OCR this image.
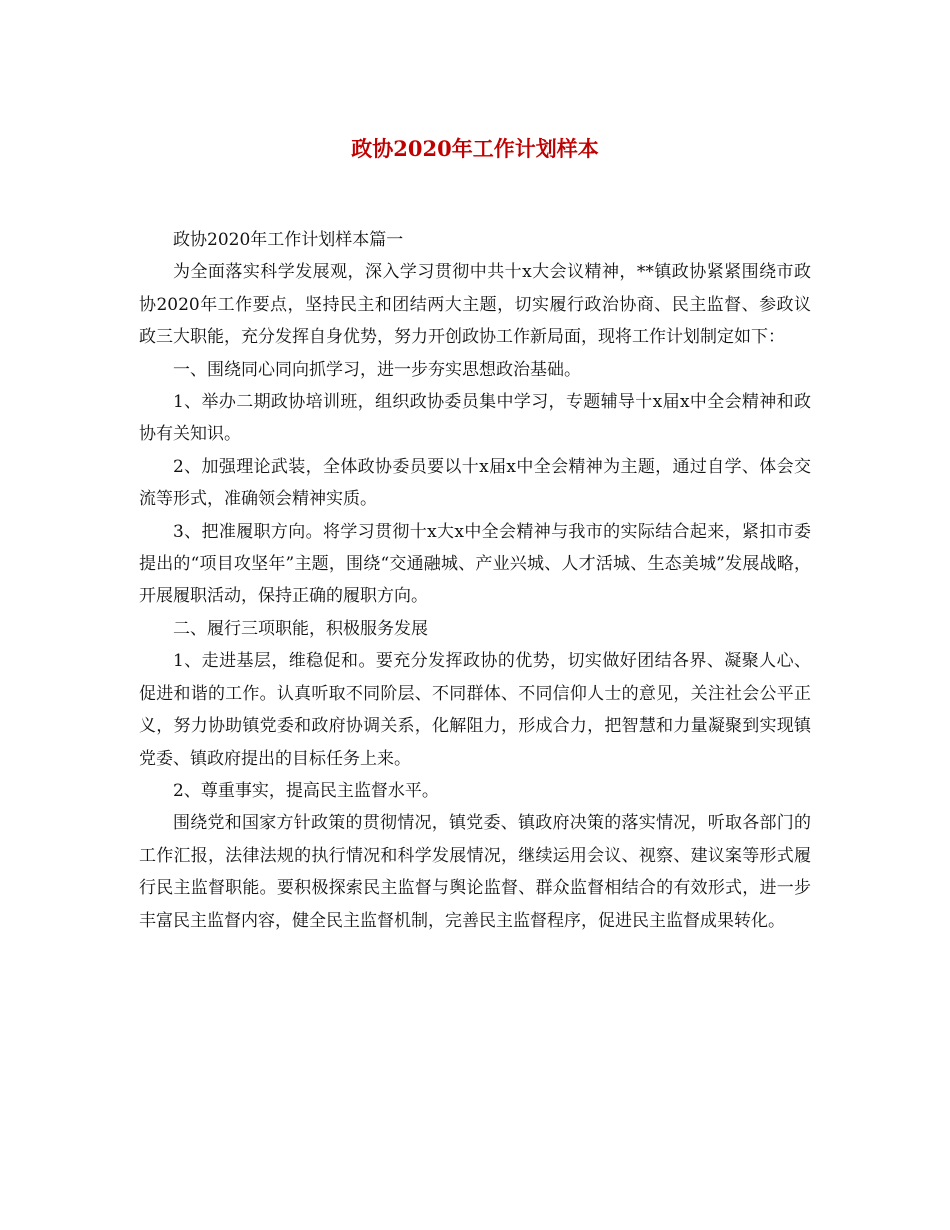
政协2020年工作计划样本

政协2020年工作计划样本篇一

为全面落实科学发展观，深入学习贯彻中共十x大会议精神，**镇政协紧紧围绕市政协2020年工作要点，坚持民主和团结两大主题，切实履行政治协商、民主监督、参政议政三大职能，充分发挥自身优势，努力开创政协工作新局面，现将工作计划制定如下：

一、围绕同心同向抓学习，进一步夯实思想政治基础。

1、举办二期政协培训班，组织政协委员集中学习，专题辅导十x届x中全会精神和政协有关知识。

2、加强理论武装，全体政协委员要以十x届x中全会精神为主题，通过自学、体会交流等形式，准确领会精神实质。

3、把准履职方向。将学习贯彻十x大x中全会精神与我市的实际结合起来，紧扣市委提出的“项目攻坚年”主题，围绕“交通融城、产业兴城、人才活城、生态美城”发展战略，开展履职活动，保持正确的履职方向。

二、履行三项职能，积极服务发展

1、走进基层，维稳促和。要充分发挥政协的优势，切实做好团结各界、凝聚人心、促进和谐的工作。认真听取不同阶层、不同群体、不同信仰人士的意见，关注社会公平正义，努力协助镇党委和政府协调关系，化解阻力，形成合力，把智慧和力量凝聚到实现镇党委、镇政府提出的目标任务上来。

2、尊重事实，提高民主监督水平。

围绕党和国家方针政策的贯彻情况，镇党委、镇政府决策的落实情况，听取各部门的工作汇报，法律法规的执行情况和科学发展情况，继续运用会议、视察、建议案等形式履行民主监督职能。要积极探索民主监督与舆论监督、群众监督相结合的有效形式，进一步丰富民主监督内容，健全民主监督机制，完善民主监督程序，促进民主监督成果转化。
